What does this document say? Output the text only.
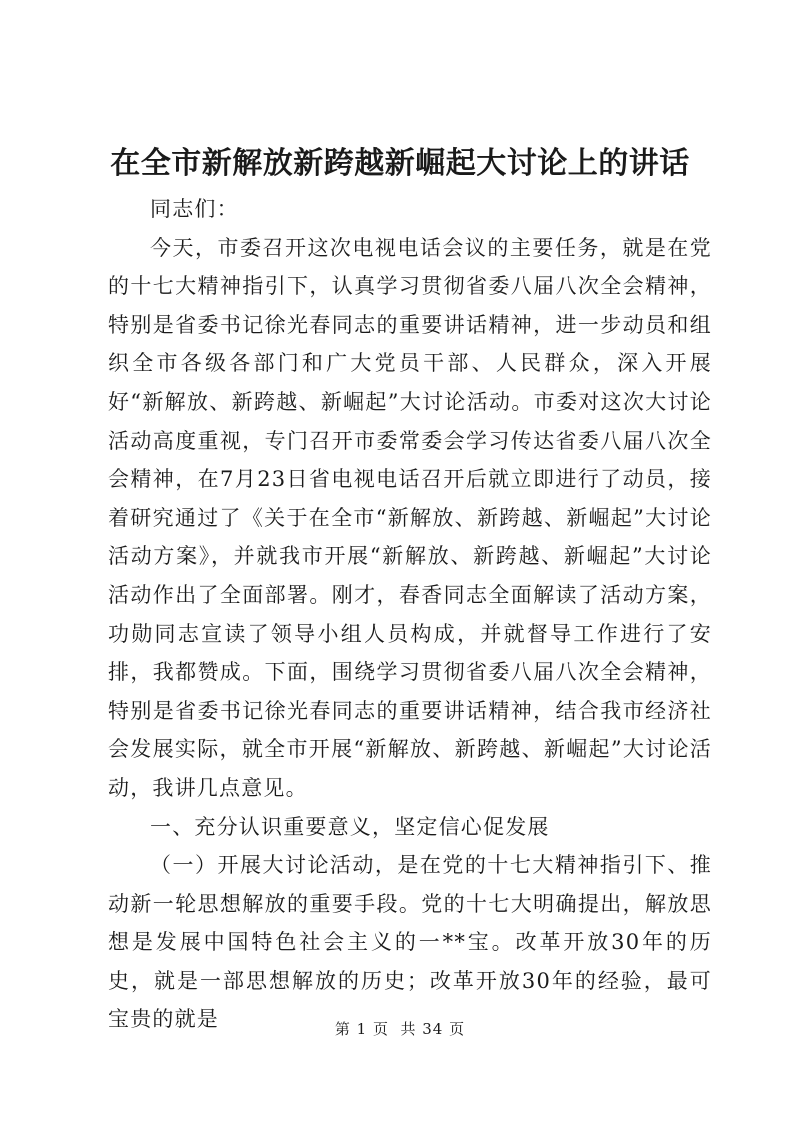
在全市新解放新跨越新崛起大讨论上的讲话

同志们：

今天，市委召开这次电视电话会议的主要任务，就是在党的十七大精神指引下，认真学习贯彻省委八届八次全会精神，特别是省委书记徐光春同志的重要讲话精神，进一步动员和组织全市各级各部门和广大党员干部、人民群众，深入开展好“新解放、新跨越、新崛起”大讨论活动。市委对这次大讨论活动高度重视，专门召开市委常委会学习传达省委八届八次全会精神，在7月23日省电视电话召开后就立即进行了动员，接着研究通过了《关于在全市“新解放、新跨越、新崛起”大讨论活动方案》，并就我市开展“新解放、新跨越、新崛起”大讨论活动作出了全面部署。刚才，春香同志全面解读了活动方案，功勋同志宣读了领导小组人员构成，并就督导工作进行了安排，我都赞成。下面，围绕学习贯彻省委八届八次全会精神，特别是省委书记徐光春同志的重要讲话精神，结合我市经济社会发展实际，就全市开展“新解放、新跨越、新崛起”大讨论活动，我讲几点意见。

一、充分认识重要意义，坚定信心促发展

（一）开展大讨论活动，是在党的十七大精神指引下、推动新一轮思想解放的重要手段。党的十七大明确提出，解放思想是发展中国特色社会主义的一**宝。改革开放30年的历史，就是一部思想解放的历史；改革开放30年的经验，最可宝贵的就是	第 1 页  共 34 页
